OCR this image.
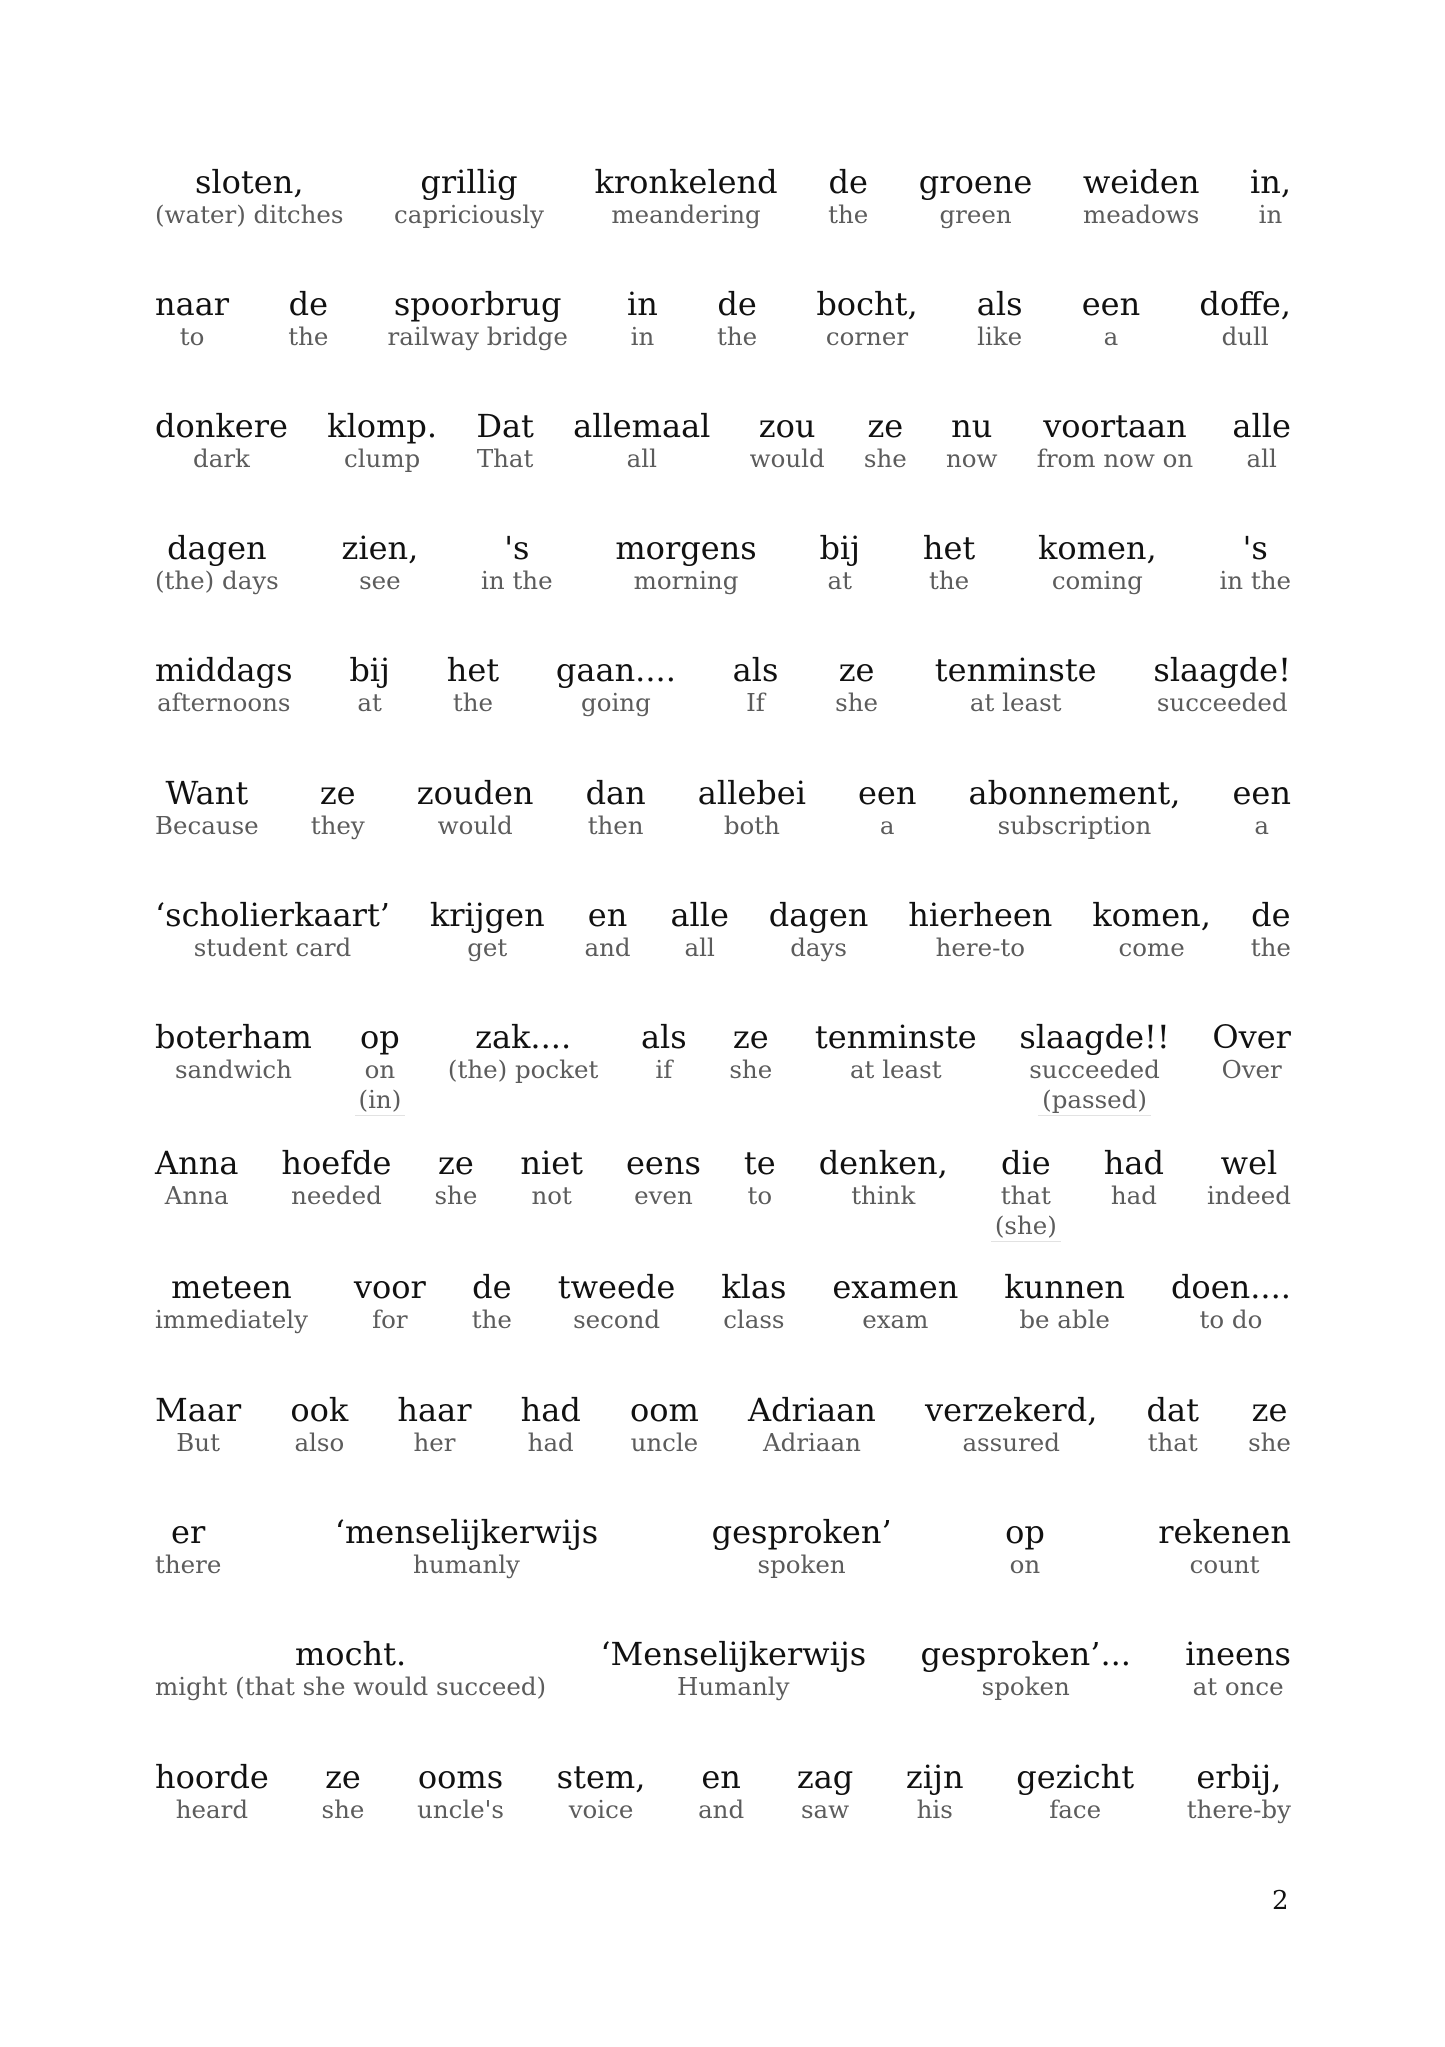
2
sloten,
(water) ditches
grillig
capriciously
kronkelend
meandering
de
the
groene
green
weiden
meadows
in,
in
naar
to
de
the
spoorbrug
railway bridge
in
in
de
the
bocht,
corner
als
like
een
a
doffe,
dull
donkere
dark
klomp.
clump
Dat
That
allemaal
all
zou
would
ze
she
nu
now
voortaan
from now on
alle
all
dagen
(the) days
zien,
see
's
in the
morgens
morning
bij
at
het
the
komen,
coming
's
in the
middags
afternoons
bij
at
het
the
gaan....
going
als
If
ze
she
tenminste
at least
slaagde!
succeeded
Want
Because
ze
they
zouden
would
dan
then
allebei
both
een
a
abonnement,
subscription
een
a
‘scholierkaart’
student card
krijgen
get
en
and
alle
all
dagen
days
hierheen
here-to
komen,
come
de
the
boterham
sandwich
op
on
(in)
zak....
(the) pocket
als
if
ze
she
tenminste
at least
slaagde!!
succeeded
(passed)
Over
Over
Anna
Anna
hoefde
needed
ze
she
niet
not
eens
even
te
to
denken,
think
die
that
(she)
had
had
wel
indeed
meteen
immediately
voor
for
de
the
tweede
second
klas
class
examen
exam
kunnen
be able
doen....
to do
Maar
But
ook
also
haar
her
had
had
oom
uncle
Adriaan
Adriaan
verzekerd,
assured
dat
that
ze
she
er
there
‘menselijkerwijs
humanly
gesproken’
spoken
op
on
rekenen
count
mocht.
might (that she would succeed)
‘Menselijkerwijs
Humanly
gesproken’...
spoken
ineens
at once
hoorde
heard
ze
she
ooms
uncle's
stem,
voice
en
and
zag
saw
zijn
his
gezicht
face
erbij,
there-by
